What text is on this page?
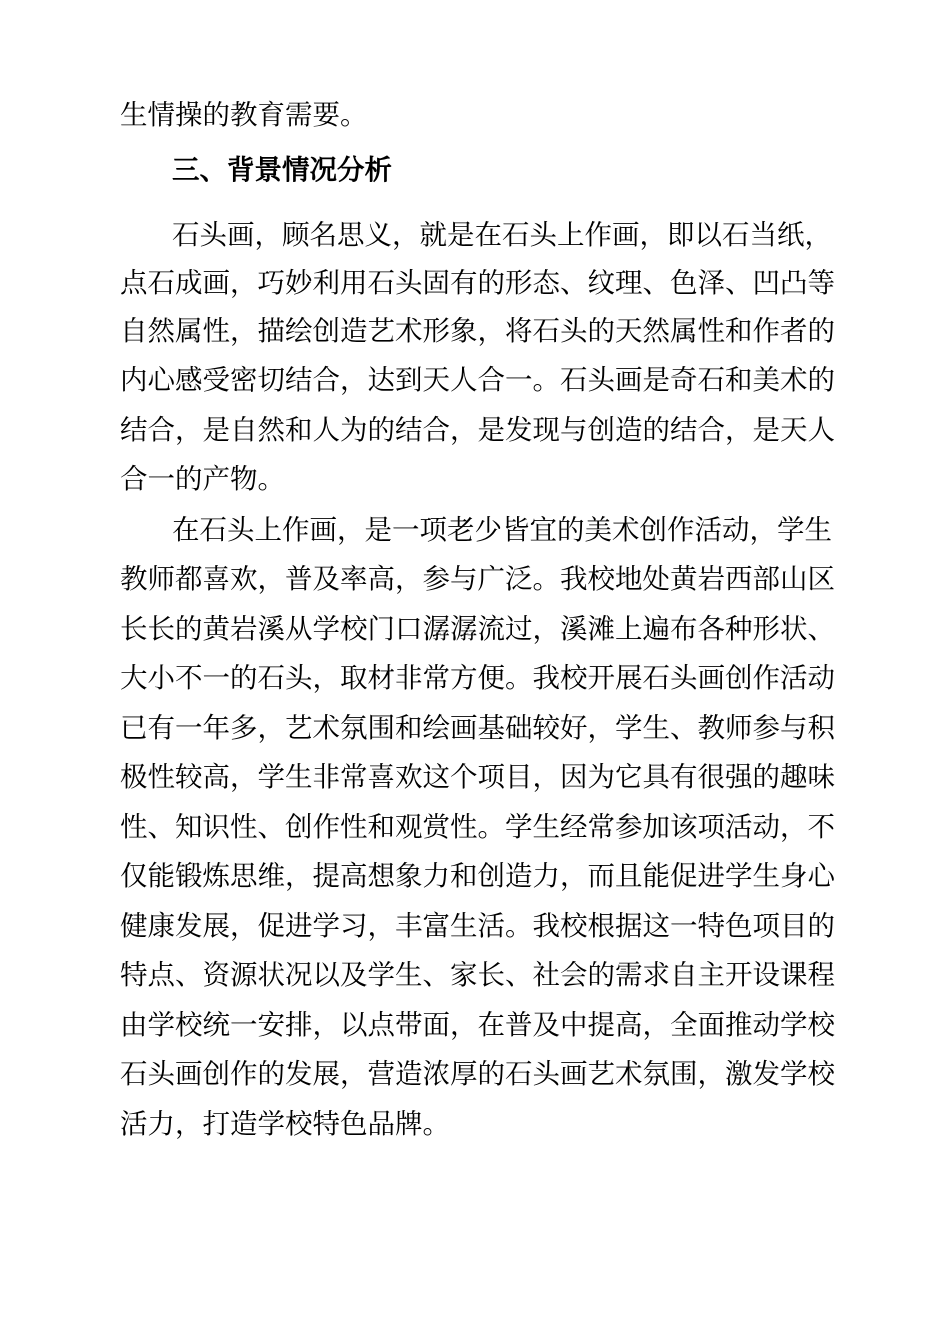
生情操的教育需要。
三、背景情况分析
石头画，顾名思义，就是在石头上作画，即以石当纸，
点石成画，巧妙利用石头固有的形态、纹理、色泽、凹凸等
自然属性，描绘创造艺术形象，将石头的天然属性和作者的
内心感受密切结合，达到天人合一。石头画是奇石和美术的
结合，是自然和人为的结合，是发现与创造的结合，是天人
合一的产物。
在石头上作画，是一项老少皆宜的美术创作活动，学生
教师都喜欢，普及率高，参与广泛。我校地处黄岩西部山区
长长的黄岩溪从学校门口潺潺流过，溪滩上遍布各种形状、
大小不一的石头，取材非常方便。我校开展石头画创作活动
已有一年多，艺术氛围和绘画基础较好，学生、教师参与积
极性较高，学生非常喜欢这个项目，因为它具有很强的趣味
性、知识性、创作性和观赏性。学生经常参加该项活动，不
仅能锻炼思维，提高想象力和创造力，而且能促进学生身心
健康发展，促进学习，丰富生活。我校根据这一特色项目的
特点、资源状况以及学生、家长、社会的需求自主开设课程
由学校统一安排，以点带面，在普及中提高，全面推动学校
石头画创作的发展，营造浓厚的石头画艺术氛围，激发学校
活力，打造学校特色品牌。
